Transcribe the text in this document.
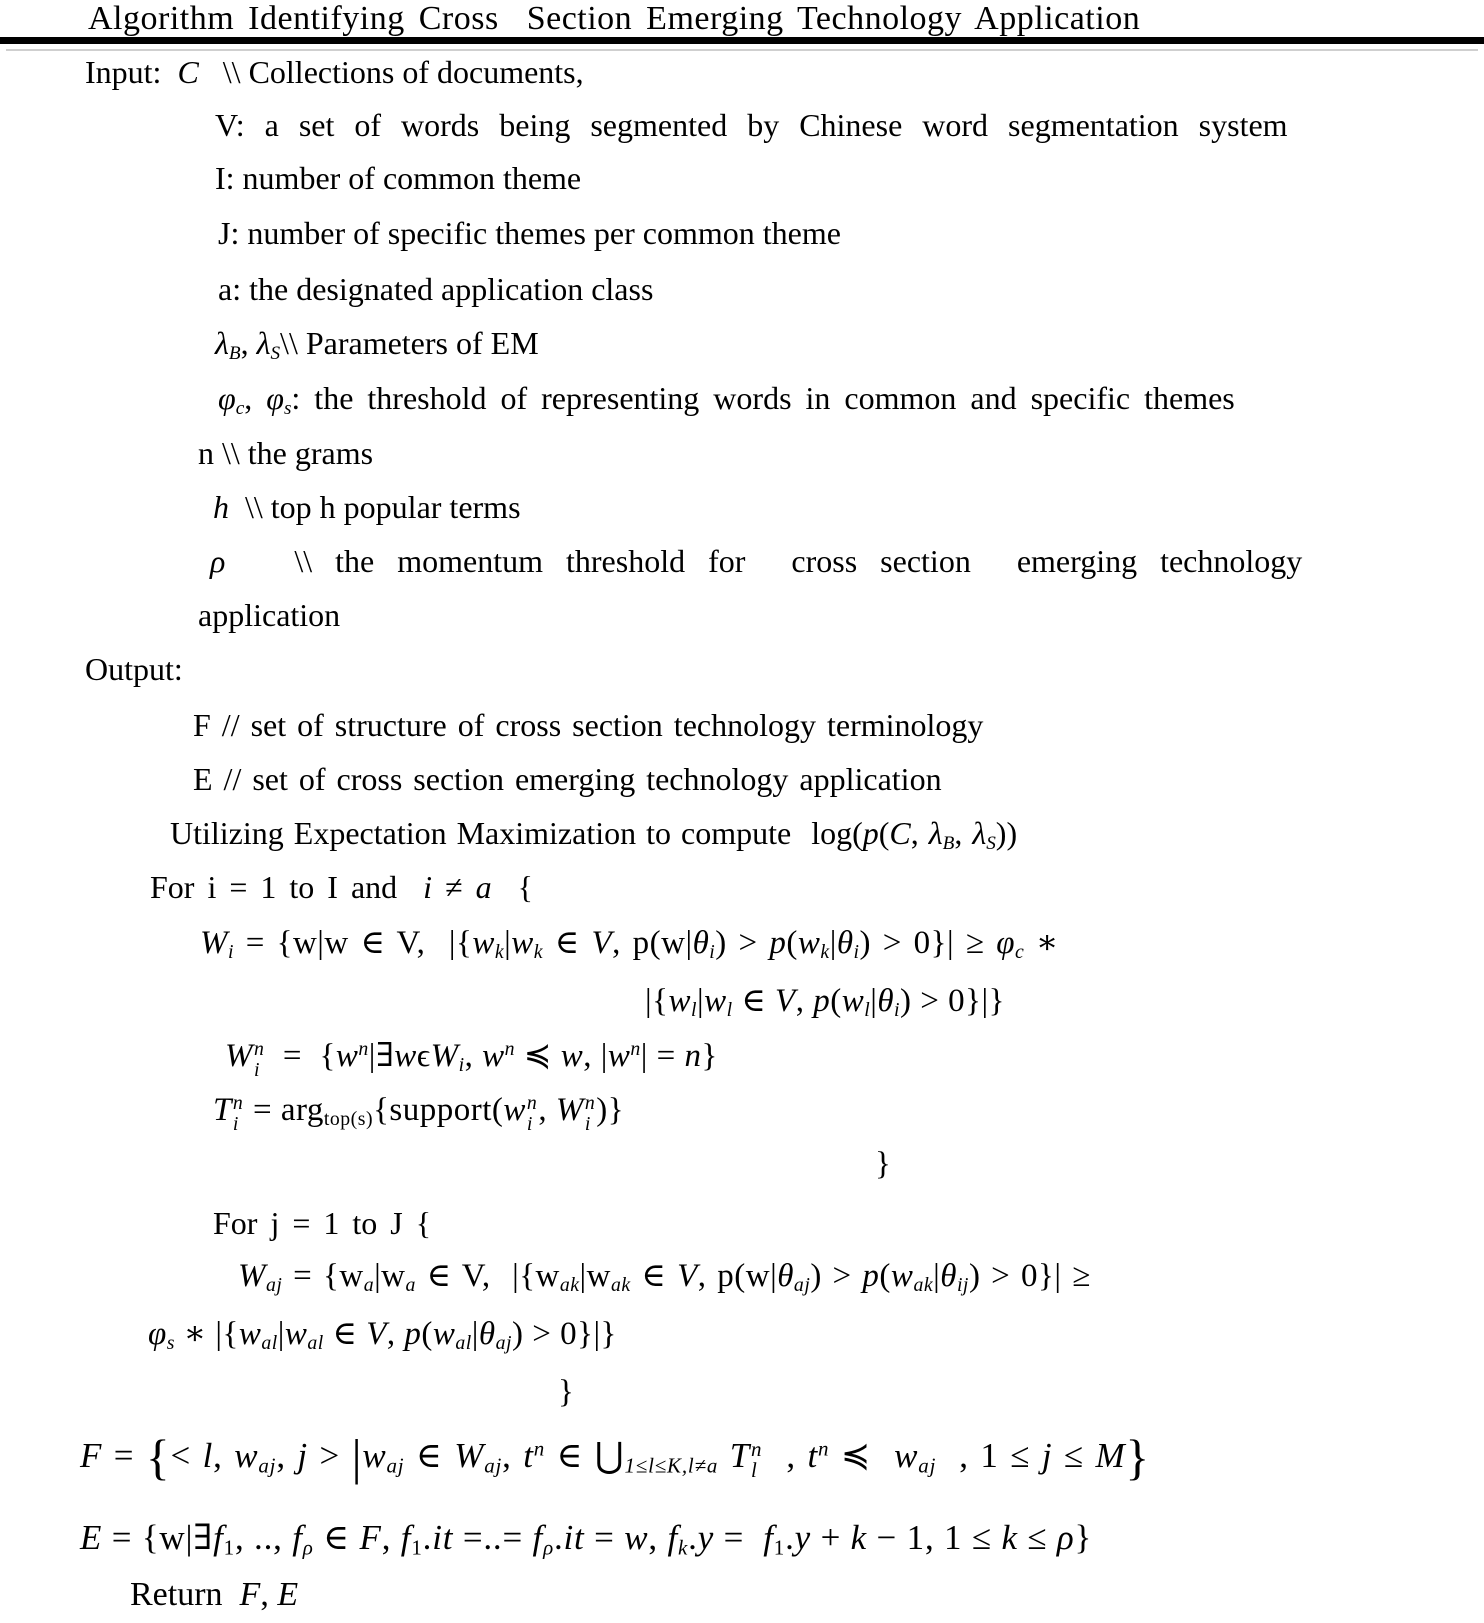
Algorithm Identifying Cross  Section Emerging Technology Application
Input:  C   \\ Collections of documents,
V: a set of words being segmented by Chinese word segmentation system
I: number of common theme
J: number of specific themes per common theme
a: the designated application class
λB, λS\\ Parameters of EM
φc, φs: the threshold of representing words in common and specific themes
n \\ the grams
h  \\ top h popular terms
ρ   \\ the momentum threshold for  cross section  emerging technology
application
Output:
F // set of structure of cross section technology terminology
E // set of cross section emerging technology application
Utilizing Expectation Maximization to compute  log(p(C, λB, λS))
For i = 1 to I and  i ≠ a  {
Wi = {w|w ∈ V,  |{wk|wk ∈ V, p(w|θi) > p(wk|θi) > 0}| ≥ φc ∗
|{wl|wl ∈ V, p(wl|θi) > 0}|}
W n
$i = \{w^n|\exists w\epsilon Wi$, $w^n$ ≼ w, $|w^n| = n$}
T n
i = argtop(s){support(w n
i , W n
i )}
}
For j = 1 to J {
Waj = {wa|wa ∈ V,  |{wak|wak ∈ V, p(w|θaj) > p(wak|θij) > 0}| ≥
φs ∗ |{wal|wal ∈ V, p(wal|θaj) > 0}|}
}
F = {< l, waj, j > |waj ∈ Waj, $t^n$ ∈ ⋃1≤l≤K,l≠a T n
l , $t^n$ ≼  waj  , 1 ≤ j ≤ M}
E = {w|∃f1, .., fρ ∈ F, f1.it =..= fρ.it = w, fk.y =  f1.y + k − 1, 1 ≤ k ≤ ρ}
Return  F, E
